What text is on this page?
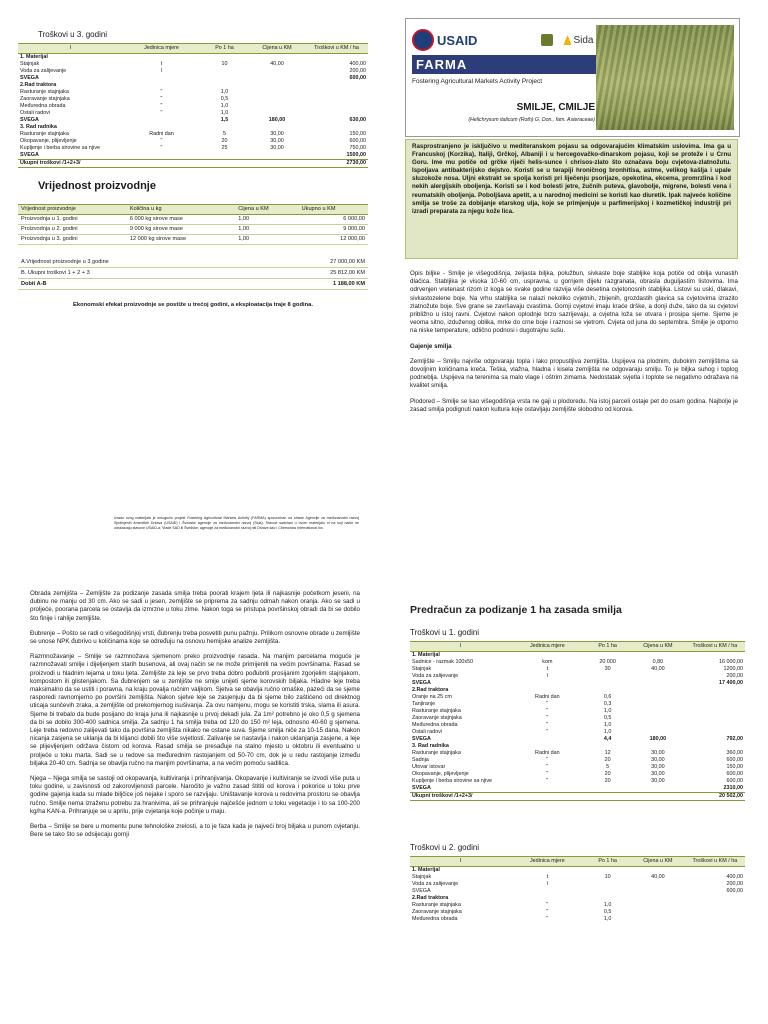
Troškovi u 3. godini
I	Jedinica mjere	Po 1 ha	Cijena u KM	Troškovi u KM / ha
1. Materijal				
Stajnjak	t	10	40,00	400,00
Voda za zalijevanje	l			200,00
SVEGA				600,00
2.Rad traktora				
Rasturanje stajnjaka	"	1,0		
Zaoravanje stajnjaka	"	0,5		
Međuredna obrada	"	1,0		
Ostali radovi	"	1,0		
SVEGA		1,5	180,00	630,00
3. Rad radnika				
Rasturanje stajnjaka	Radni dan	5	30,00	150,00
Okopavanje, plijevljenje	"	20	30,00	600,00
Kupljenje i berba sirovine sa njive	"	25	30,00	750,00
SVEGA				1500,00
Ukupni troškovi /1+2+3/				2730,00
Vrijednost proizvodnje
Vrijednost proizvodnje	Količina u kg	Cijena u KM	Ukupno u KM
Proizvodnja u 1. godini	6 000 kg sirove mase	1,00	6 000,00
Proizvodnja u 2. godini	9 000 kg sirove mase	1,00	9 000,00
Proizvodnja u 3. godini	12 000 kg sirove mase	1,00	12 000,00
A.Vrijednost proizvodnje u 3 godine	27 000,00 KM
B. Ukupni troškovi 1 + 2 + 3	25 812,00 KM
Dobit A-B	1 188,00 KM
Ekonomski efekat proizvodnje se postiže u trećoj godini, a eksploatacija traje 8 godina.
Izradu ovog materijala je omogućio projekt Fostering Agricultural Markets Activity (FARMA) sponzoriran od strane Agencije za međunarodni razvoj Sjedinjenih Američkih Država (USAID) i Švedske agencije za međunarodni razvoj (Sida). Stavovi sadržani u ovom materijalu ni na koji način ne odražavaju stavove USAID-a, Vlade SAD ili Švedske, agencije za međunarodni razvoj niti Države kao i Chemonics International Inc.
USAID	Sida
FARMA
Fostering Agricultural Markets Activity Project
SMILJE, CMILJE
(Helichrysum italicum (Roth) G. Don., fam. Asteraceae)

Rasprostranjeno je isključivo u mediteranskom pojasu sa odgovarajućim klimatskim uslovima. Ima ga u Francuskoj (Korzika), Italiji, Grčkoj, Albaniji i u hercegovačko-dinarskom pojasu, koji se proteže i u Crnu Goru. Ime mu potiče od grčke riječi helis-sunce i chrisos-zlato što označava boju cvjetova-zlatnožutu. Ispoljava antibakterijsko dejstvo. Koristi se u terapiji hroničnog bronhitisa, astme, velikog kašlja i upale sluzokože nosa. Uljni ekstrakt se spolja koristi pri liječenju psorijaze, opekotina, ekcema, promrzlina i kod nekih alergijskih oboljenja. Koristi se i kod bolesti jetre, žučnih puteva, glavobolje, migrene, bolesti vena i reumatskih oboljenja. Pobolјšava apetit, a u narodnoj medicini se koristi kao diuretik. Ipak najveće količine smilja se troše za dobijanje etarskog ulja, koje se primjenjuje u parfimerijskoj i kozmetičkoj industriji pri izradi preparata za njegu kože lica.

Opis biljke - Smilje je višegodišnja, zeljasta biljka, polužbun, sivkaste boje stabljike koja potiče od obilja vunastih dlačica. Stabljika je visoka 10-60 cm, uspravna, u gornjem dijelu razgranata, obrasla duguljastim listovima. Ima odrvenjen vretenast rizom iz koga se svake godine razvija više desetina cvjetonosnih stabljika. Listovi su uski, dlakavi, sivkastozelene boje. Na vrhu stabljika se nalazi nekoliko cvjetnih, zbijenih, grozdastih glavica sa cvjetovima izrazito zlatnožute boje. Sve grane se završavaju cvastima. Gornji cvjetovi imaju kraće drške, a donji duže, tako da su cvjetovi približno u istoj ravni. Cvjetovi nakon oplodnje brzo sazrijevaju, a cvjetna loža se otvara i prosipa sjeme. Sjeme je veoma sitno, izduženog oblika, mrke do crne boje i raznosi se vjetrom. Cvjeta od juna do septembra. Smilje je otporno na niske temperature, odlično podnosi i dugotrajnu sušu.

Gajenje smilja

Zemljište – Smilju najviše odgovaraju topla i lako propustljiva zemljišta. Uspijeva na plodnim, dubokim zemljištima sa dovoljnim količinama kreča. Teška, vlažna, hladna i kisela zemljišta ne odgovaraju smilju. To je biljka suhog i toplog podneblja. Uspijeva na terenima sa malo vlage i oštrim zimama. Nedostatak svjetla i toplote se negativno odražava na kvalitet smilja.

Plodored – Smilje se kao višegodišnja vrsta ne gaji u plodoredu. Na istoj parceli ostaje pet do osam godina. Najbolje je zasad smilja podignuti nakon kultura koje ostavljaju zemljište slobodno od korova.

Obrada zemljišta – Zemljište za podizanje zasada smilja treba poorati krajem ljeta ili najkasnije početkom jeseni, na dubinu ne manju od 30 cm. Ako se sadi u jesen, zemljište se priprema za sadnju odmah nakon oranja. Ako se sadi u proljeće, poorana parcela se ostavlja da izmrzne u toku zime. Nakon toga se pristupa površinskoj obradi da bi se dobilo što finije i rahlije zemljište.

Đubrenje – Pošto se radi o višegodišnjoj vrsti, đubrenju treba posvetiti punu pažnju. Prilikom osnovne obrade u zemljište se unose NPK đubrivo u količinama koje se određuju na osnovu hemijske analize zemljišta.

Razmnožavanje – Smilje se razmnožava sjemenom preko proizvodnje rasada. Na manjim parcelama moguće je razmnožavati smilje i dijeljenjem starih busenova, ali ovaj način se ne može primijeniti na većim površinama. Rasad se proizvodi u hladnim lejama u toku ljeta. Zemljište za leje se prvo treba dobro pođubriti prosijanim zgorjelim stajnjakom, kompostom ili glistenjakom. Sa đubrenjem se u zemljište ne smije unijeti sjeme korovskih biljaka. Hladne leje treba maksimalno da se ustiti i poravna, na kraju povalja ručnim valjkom. Sjetva se obavlja ručno omaške, pazeći da se sjeme rasporedi ravnomjerno po površini zemljišta. Nakon sjetve leje se zasjenjuju da bi sjeme bilo zaštićeno od direktnog uticaja sunčevih zraka, a zemljište od prekomjernog isušivanja. Za ovu namjenu, mogu se koristiti trska, slama ili asura. Sjeme bi trebalo da bude posijano do kraja juna ili najkasnije u prvoj dekadi jula. Za 1m² potrebno je oko 0,5 g sjemena da bi se dobilo 300-400 sadnica smilja. Za sadnju 1 ha smilja treba od 120 do 150 m² leja, odnosno 40-60 g sjemena. Leje treba redovno zalijevati tako da površina zemljišta nikako ne ostane suva. Sjeme smilja niče za 10-15 dana. Nakon nicanja zasjena se uklanja da bi klijanci dobili što više svjetlosti. Zalivanje se nastavlja i nakon uklanjanja zasjene, a leje se plijevljenjem održava čistom od korova. Rasad smilja se presađuje na stalno mjesto u oktobru ili eventualno u proljeće u toku marta. Sadi se u redove sa međurednim rastojanjem od 50-70 cm, dok je u redu rastojanje između biljaka 20-40 cm. Sadnja se obavlja ručno na manjim površinama, a na većim pomoću sadilica.

Njega – Njega smilja se sastoji od okopavanja, kultiviranja i prihranjivanja. Okopavanje i kultiviranje se izvodi više puta u toku godine, u zavisnosti od zakorovljenosti parcele. Naročito je važno zasad štititi od korova i pokorice u toku prve godine gajenja kada su mlade biljčice još nejake i sporo se razvijaju. Uništavanje korova u redovima prostoru se obavlja ručno. Smilje nema izraženu potrebu za hranivima, ali se prihranjuje najčešće jednom u toku vegetacije i to sa 100-200 kg/ha KAN-a. Prihranjuje se u aprilu, prije cvjetanja koje počinje u maju.

Berba – Smilje se bere u momentu pune tehnološke zrelosti, a to je faza kada je najveći broj biljaka u punom cvjetanju. Bere se tako što se odsijecaju gornji

Predračun za podizanje 1 ha zasada smilja
Troškovi u 1. godini
I	Jedinica mjere	Po 1 ha	Cijena u KM	Troškovi u KM / ha
1. Materijal				
Sadnice - razmak 100x50	kom	20 000	0,80	16 000,00
Stajnjak	t	30	40,00	1200,00
Voda za zalijevanje	l			200,00
SVEGA				17 400,00
2.Rad traktora				
Oranje na 25 cm	Radni dan	0,6		
Tanjiranje	"	0,3		
Rasturanje stajnjaka	"	1,0		
Zaoravanje stajnjaka	"	0,5		
Međuredna obrada	"	1,0		
Ostali radovi	"	1,0		
SVEGA		4,4	180,00	792,00
3. Rad radnika				
Rasturanje stajnjaka	Radni dan	12	30,00	360,00
Sadnja	"	20	30,00	600,00
Utovar istovar	"	5	30,00	150,00
Okopavanje, plijevljenje	"	20	30,00	600,00
Kupljenje i berba sirovine sa njive	"	20	30,00	600,00
SVEGA				2310,00
Ukupni troškovi /1+2+3/				20 502,00
Troškovi u 2. godini
I	Jedinica mjere	Po 1 ha	Cijena u KM	Troškovi u KM / ha
1. Materijal				
Stajnjak	t	10	40,00	400,00
Voda za zalijevanje	l			200,00
SVEGA				600,00
2.Rad traktora				
Rasturanje stajnjaka	"	1,0		
Zaoravanje stajnjaka	"	0,5		
Međuredna obrada	"	1,0		
